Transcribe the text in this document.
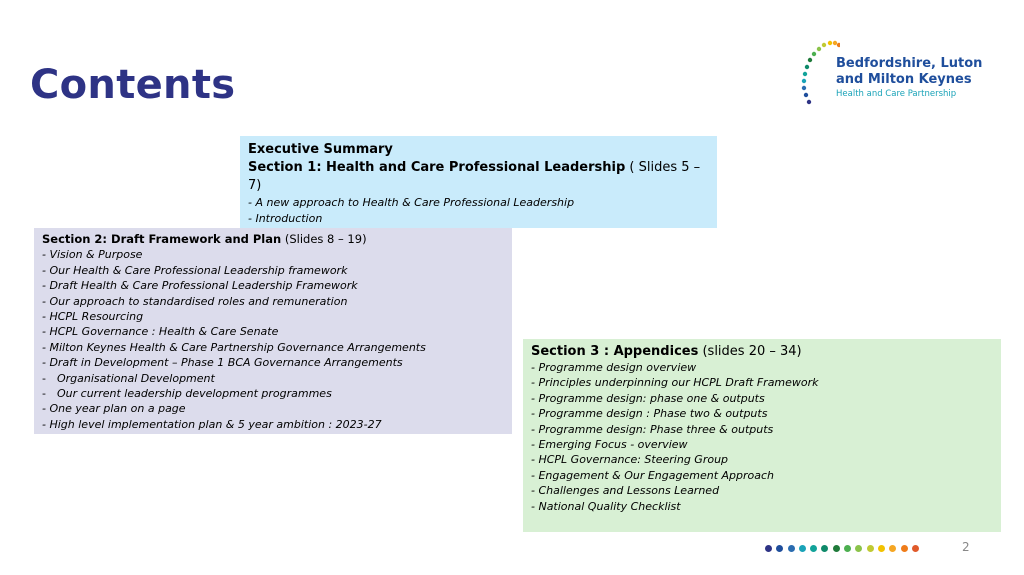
Contents	Bedfordshire, Luton
and Milton Keynes
Health and Care Partnership
Executive Summary
Section 1: Health and Care Professional Leadership ( Slides 5 – 7)
- A new approach to Health & Care Professional Leadership
- Introduction
Section 2: Draft Framework and Plan (Slides 8 – 19)
- Vision & Purpose
- Our Health & Care Professional Leadership framework
- Draft Health & Care Professional Leadership Framework
- Our approach to standardised roles and remuneration
- HCPL Resourcing
- HCPL Governance : Health & Care Senate
- Milton Keynes Health & Care Partnership Governance Arrangements
- Draft in Development – Phase 1 BCA Governance Arrangements
- Organisational Development
- Our current leadership development programmes
- One year plan on a page
- High level implementation plan & 5 year ambition : 2023-27
Section 3 : Appendices (slides 20 – 34)
- Programme design overview
- Principles underpinning our HCPL Draft Framework
- Programme design: phase one & outputs
- Programme design : Phase two & outputs
- Programme design: Phase three & outputs
- Emerging Focus - overview
- HCPL Governance: Steering Group
- Engagement & Our Engagement Approach
- Challenges and Lessons Learned
- National Quality Checklist
2
